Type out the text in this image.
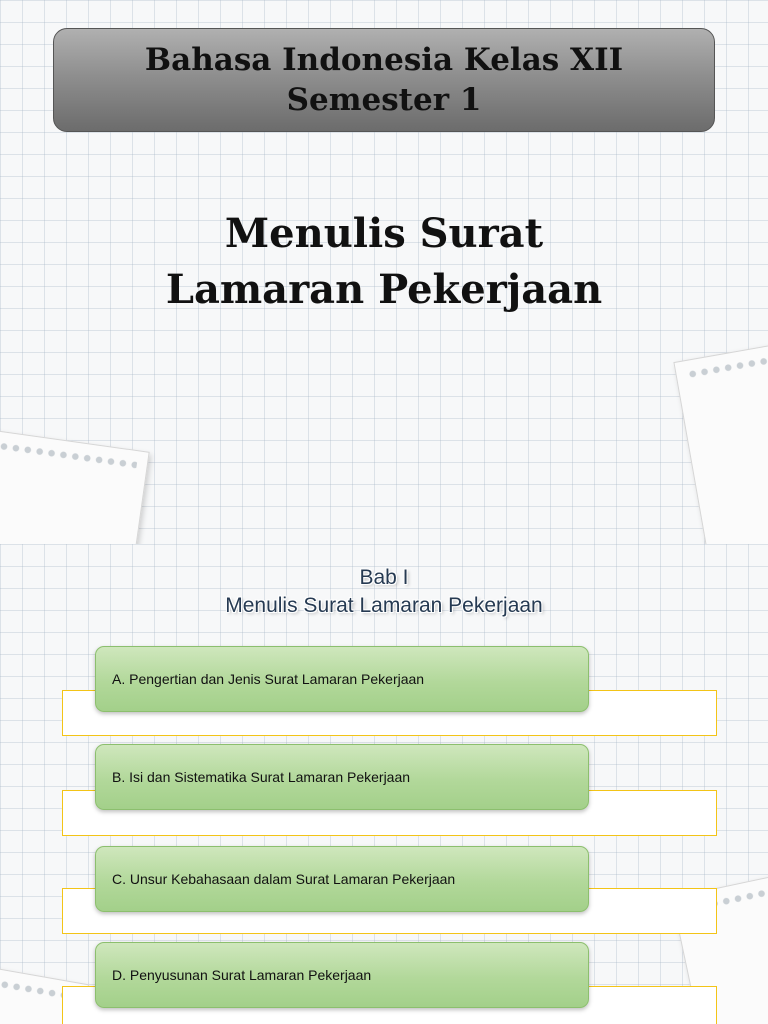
Bahasa Indonesia Kelas XII
Semester 1
Menulis Surat
Lamaran Pekerjaan
Bab I
Menulis Surat Lamaran Pekerjaan
A. Pengertian dan Jenis Surat Lamaran Pekerjaan
B. Isi dan Sistematika Surat Lamaran Pekerjaan
C. Unsur Kebahasaan dalam Surat Lamaran Pekerjaan
D. Penyusunan Surat Lamaran Pekerjaan
